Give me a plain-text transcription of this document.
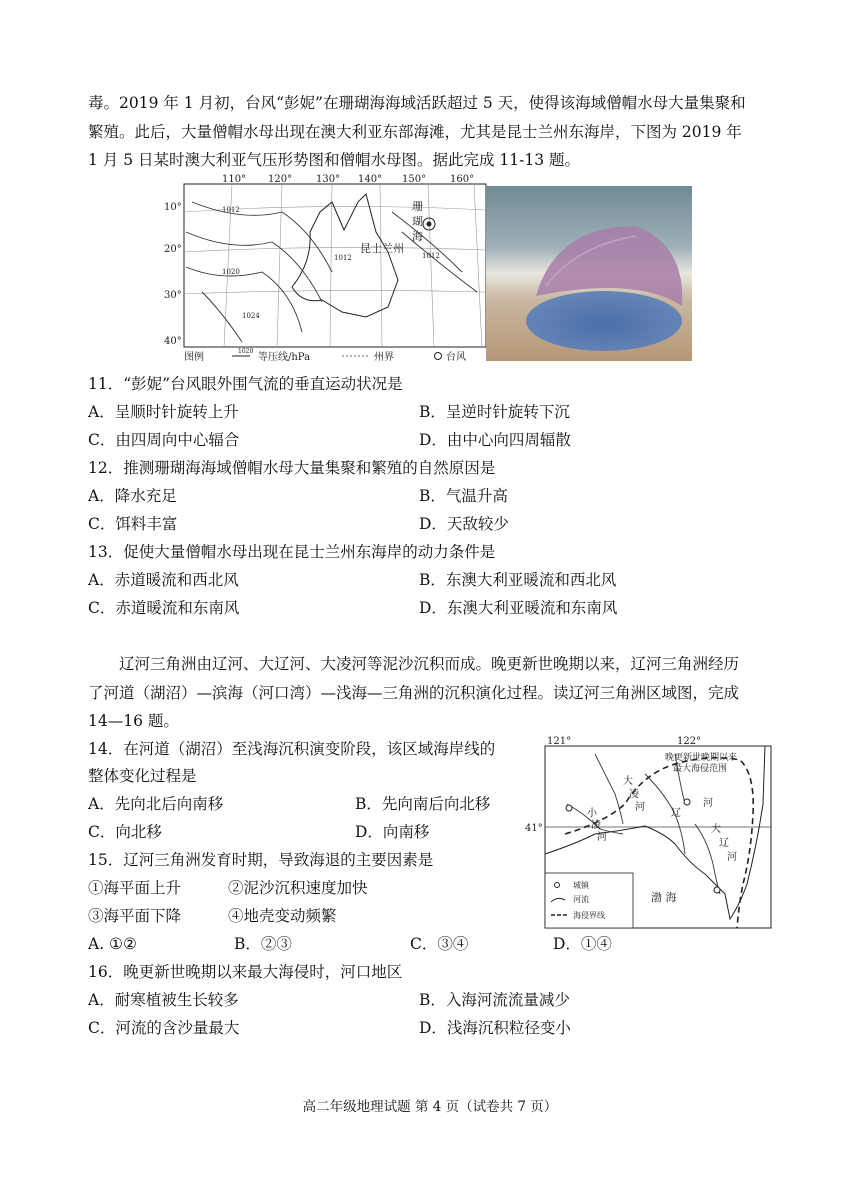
毒。2019 年 1 月初，台风“彭妮”在珊瑚海海域活跃超过 5 天，使得该海域僧帽水母大量集聚和
繁殖。此后，大量僧帽水母出现在澳大利亚东部海滩，尤其是昆士兰州东海岸，下图为 2019 年
1 月 5 日某时澳大利亚气压形势图和僧帽水母图。据此完成 11-13 题。
110° 120° 130° 140° 150° 160°
10°
20°
30°
40°
珊
瑚
海
昆士兰州
1012
1012
1020
1012
1024
图例
1020
等压线/hPa	州界	台风
11．“彭妮”台风眼外围气流的垂直运动状况是
A．呈顺时针旋转上升	B．呈逆时针旋转下沉
C．由四周向中心辐合	D．由中心向四周辐散
12．推测珊瑚海海域僧帽水母大量集聚和繁殖的自然原因是
A．降水充足	B．气温升高
C．饵料丰富	D．天敌较少
13．促使大量僧帽水母出现在昆士兰州东海岸的动力条件是
A．赤道暖流和西北风	B．东澳大利亚暖流和西北风
C．赤道暖流和东南风	D．东澳大利亚暖流和东南风
辽河三角洲由辽河、大辽河、大凌河等泥沙沉积而成。晚更新世晚期以来，辽河三角洲经历
了河道（湖沼）—滨海（河口湾）—浅海—三角洲的沉积演化过程。读辽河三角洲区域图，完成
14—16 题。
14．在河道（湖沼）至浅海沉积演变阶段，该区域海岸线的
整体变化过程是
A．先向北后向南移	B．先向南后向北移
C．向北移	D．向南移
15．辽河三角洲发育时期，导致海退的主要因素是
①海平面上升	②泥沙沉积速度加快
③海平面下降	④地壳变动频繁
A. ①②	B．②③	C．③④	D．①④
16．晚更新世晚期以来最大海侵时，河口地区
A．耐寒植被生长较多	B．入海河流流量减少
C．河流的含沙量最大	D．浅海沉积粒径变小
121°	122°
41°
晚更新世晚期以来
最大海侵范围
大
凌
河
小
凌
河
辽
河
大
辽
河
渤 海
城镇
河流
海侵界线
高二年级地理试题 第 4 页（试卷共 7 页）
